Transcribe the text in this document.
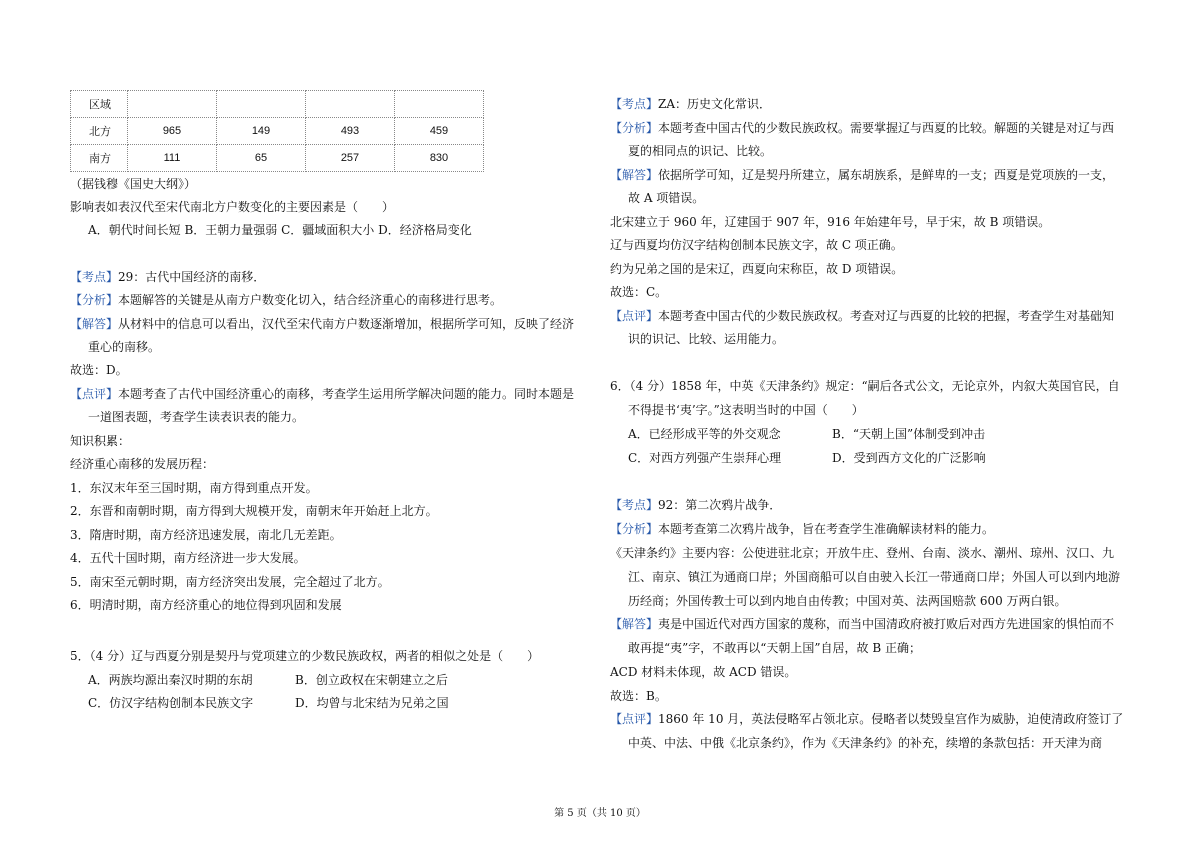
区域				
北方	965	149	493	459
南方	111	65	257	830
（据钱穆《国史大纲》）
影响表如表汉代至宋代南北方户数变化的主要因素是（　　）
A．朝代时间长短 B．王朝力量强弱 C．疆域面积大小 D．经济格局变化
【考点】29：古代中国经济的南移．
【分析】本题解答的关键是从南方户数变化切入，结合经济重心的南移进行思考。
【解答】从材料中的信息可以看出，汉代至宋代南方户数逐渐增加，根据所学可知，反映了经济
重心的南移。
故选：D。
【点评】本题考查了古代中国经济重心的南移，考查学生运用所学解决问题的能力。同时本题是
一道图表题，考查学生读表识表的能力。
知识积累：
经济重心南移的发展历程：
1．东汉末年至三国时期，南方得到重点开发。
2．东晋和南朝时期，南方得到大规模开发，南朝末年开始赶上北方。
3．隋唐时期，南方经济迅速发展，南北几无差距。
4．五代十国时期，南方经济进一步大发展。
5．南宋至元朝时期，南方经济突出发展，完全超过了北方。
6．明清时期，南方经济重心的地位得到巩固和发展
5．（4 分）辽与西夏分别是契丹与党项建立的少数民族政权，两者的相似之处是（　　）
A．两族均源出秦汉时期的东胡	B．创立政权在宋朝建立之后
C．仿汉字结构创制本民族文字	D．均曾与北宋结为兄弟之国
【考点】ZA：历史文化常识．
【分析】本题考查中国古代的少数民族政权。需要掌握辽与西夏的比较。解题的关键是对辽与西
夏的相同点的识记、比较。
【解答】依据所学可知，辽是契丹所建立，属东胡族系，是鲜卑的一支；西夏是党项族的一支，
故 A 项错误。
北宋建立于 960 年，辽建国于 907 年，916 年始建年号，早于宋，故 B 项错误。
辽与西夏均仿汉字结构创制本民族文字，故 C 项正确。
约为兄弟之国的是宋辽，西夏向宋称臣，故 D 项错误。
故选：C。
【点评】本题考查中国古代的少数民族政权。考查对辽与西夏的比较的把握，考查学生对基础知
识的识记、比较、运用能力。
6．（4 分）1858 年，中英《天津条约》规定：“嗣后各式公文，无论京外，内叙大英国官民，自
不得提书‘夷’字。”这表明当时的中国（　　）
A．已经形成平等的外交观念	B．“天朝上国”体制受到冲击
C．对西方列强产生崇拜心理	D．受到西方文化的广泛影响
【考点】92：第二次鸦片战争．
【分析】本题考查第二次鸦片战争，旨在考查学生准确解读材料的能力。
《天津条约》主要内容：公使进驻北京；开放牛庄、登州、台南、淡水、潮州、琼州、汉口、九
江、南京、镇江为通商口岸；外国商船可以自由驶入长江一带通商口岸；外国人可以到内地游
历经商；外国传教士可以到内地自由传教；中国对英、法两国赔款 600 万两白银。
【解答】夷是中国近代对西方国家的蔑称，而当中国清政府被打败后对西方先进国家的惧怕而不
敢再提“夷”字，不敢再以“天朝上国”自居，故 B 正确；
ACD 材料未体现，故 ACD 错误。
故选：B。
【点评】1860 年 10 月，英法侵略军占领北京。侵略者以焚毁皇宫作为威胁，迫使清政府签订了
中英、中法、中俄《北京条约》，作为《天津条约》的补充，续增的条款包括：开天津为商
第 5 页（共 10 页）
